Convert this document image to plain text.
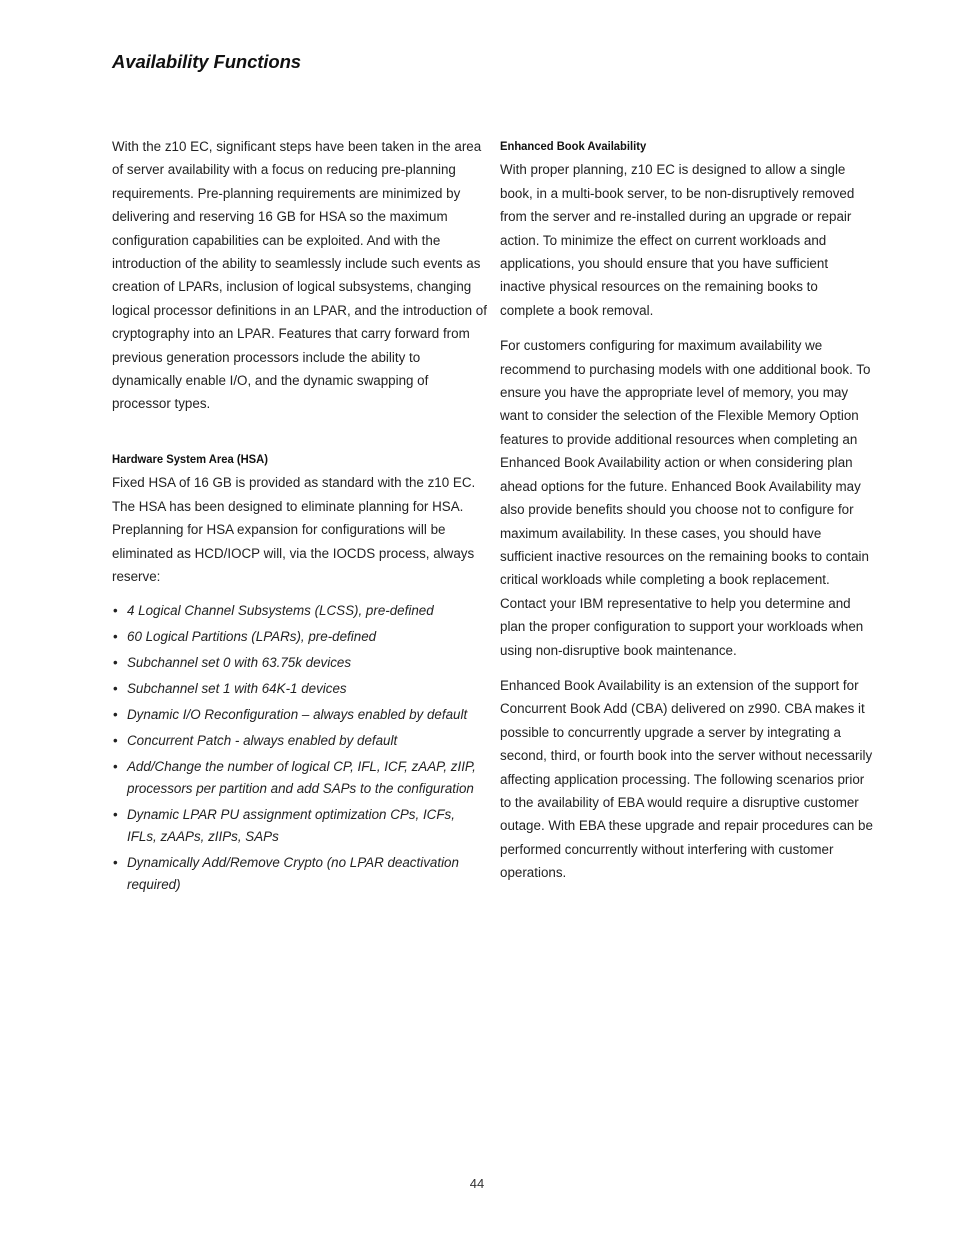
Availability Functions

With the z10 EC, significant steps have been taken in the area of server availability with a focus on reducing pre-planning requirements. Pre-planning requirements are minimized by delivering and reserving 16 GB for HSA so the maximum configuration capabilities can be exploited. And with the introduction of the ability to seamlessly include such events as creation of LPARs, inclusion of logical subsystems, changing logical processor definitions in an LPAR, and the introduction of cryptography into an LPAR. Features that carry forward from previous generation processors include the ability to dynamically enable I/O, and the dynamic swapping of processor types.

Hardware System Area (HSA)

Fixed HSA of 16 GB is provided as standard with the z10 EC. The HSA has been designed to eliminate planning for HSA. Preplanning for HSA expansion for configurations will be eliminated as HCD/IOCP will, via the IOCDS process, always reserve:

• 4 Logical Channel Subsystems (LCSS), pre-defined
• 60 Logical Partitions (LPARs), pre-defined
• Subchannel set 0 with 63.75k devices
• Subchannel set 1 with 64K-1 devices
• Dynamic I/O Reconfiguration – always enabled by default
• Concurrent Patch - always enabled by default
• Add/Change the number of logical CP, IFL, ICF, zAAP, zIIP, processors per partition and add SAPs to the configuration
• Dynamic LPAR PU assignment optimization CPs, ICFs, IFLs, zAAPs, zIIPs, SAPs
• Dynamically Add/Remove Crypto (no LPAR deactivation required)

Enhanced Book Availability

With proper planning, z10 EC is designed to allow a single book, in a multi-book server, to be non-disruptively removed from the server and re-installed during an upgrade or repair action. To minimize the effect on current workloads and applications, you should ensure that you have sufficient inactive physical resources on the remaining books to complete a book removal.

For customers configuring for maximum availability we recommend to purchasing models with one additional book. To ensure you have the appropriate level of memory, you may want to consider the selection of the Flexible Memory Option features to provide additional resources when completing an Enhanced Book Availability action or when considering plan ahead options for the future. Enhanced Book Availability may also provide benefits should you choose not to configure for maximum availability. In these cases, you should have sufficient inactive resources on the remaining books to contain critical workloads while completing a book replacement. Contact your IBM representative to help you determine and plan the proper configuration to support your workloads when using non-disruptive book maintenance.

Enhanced Book Availability is an extension of the support for Concurrent Book Add (CBA) delivered on z990. CBA makes it possible to concurrently upgrade a server by integrating a second, third, or fourth book into the server without necessarily affecting application processing. The following scenarios prior to the availability of EBA would require a disruptive customer outage. With EBA these upgrade and repair procedures can be performed concurrently without interfering with customer operations.

44
